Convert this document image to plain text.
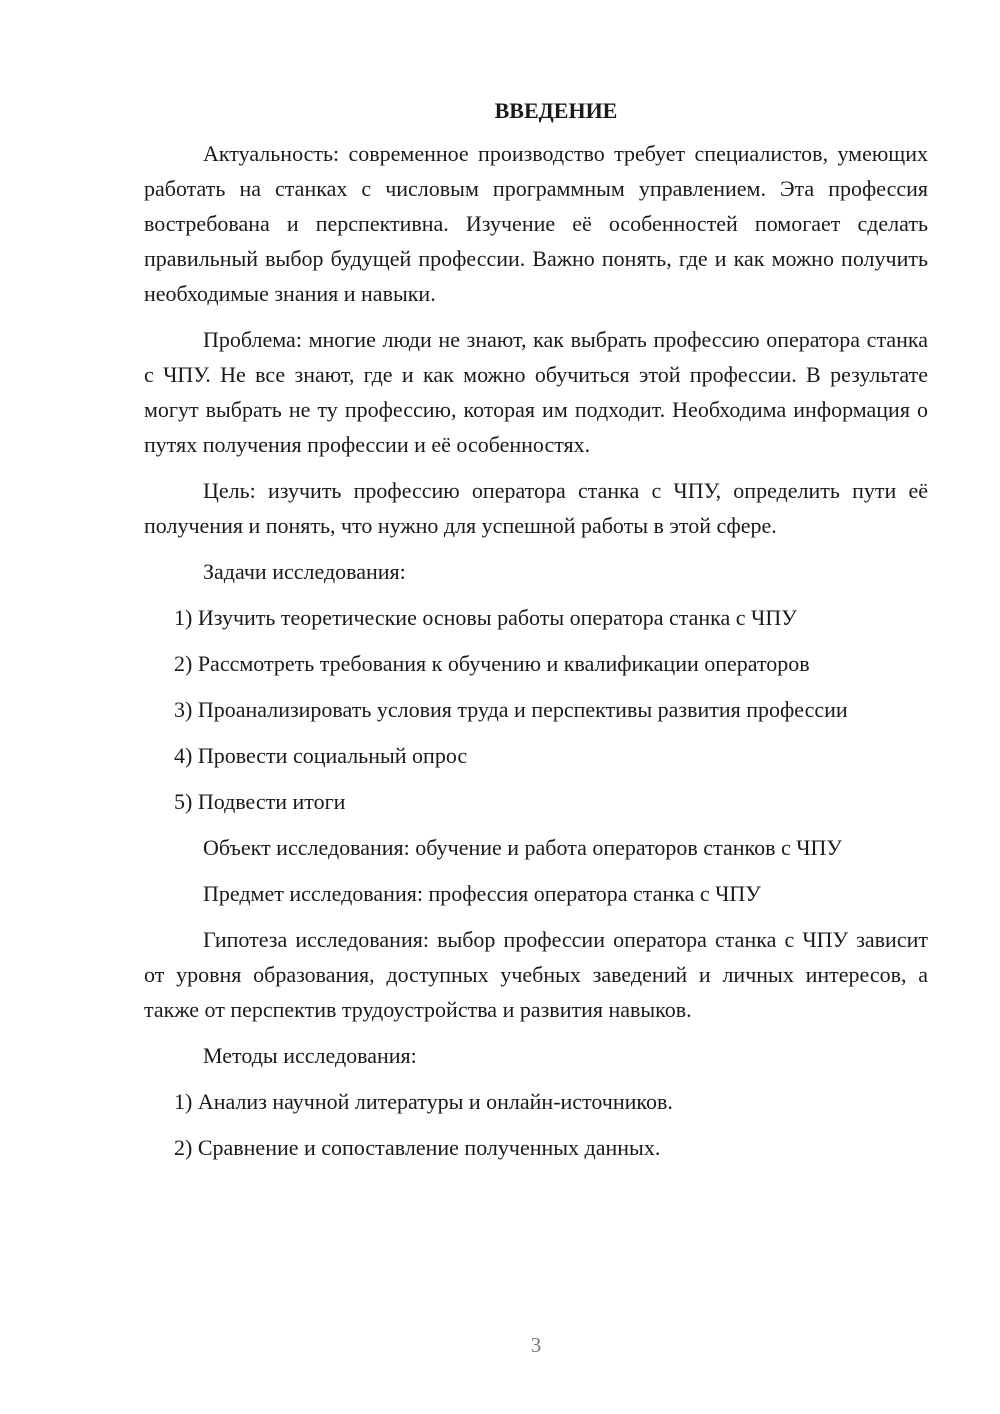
ВВЕДЕНИЕ

Актуальность: современное производство требует специалистов, умеющих работать на станках с числовым программным управлением. Эта профессия востребована и перспективна. Изучение её особенностей помогает сделать правильный выбор будущей профессии. Важно понять, где и как можно получить необходимые знания и навыки.

Проблема: многие люди не знают, как выбрать профессию оператора станка с ЧПУ. Не все знают, где и как можно обучиться этой профессии. В результате могут выбрать не ту профессию, которая им подходит. Необходима информация о путях получения профессии и её особенностях.

Цель: изучить профессию оператора станка с ЧПУ, определить пути её получения и понять, что нужно для успешной работы в этой сфере.

Задачи исследования:

1) Изучить теоретические основы работы оператора станка с ЧПУ

2) Рассмотреть требования к обучению и квалификации операторов

3) Проанализировать условия труда и перспективы развития профессии

4) Провести социальный опрос

5) Подвести итоги

Объект исследования: обучение и работа операторов станков с ЧПУ

Предмет исследования: профессия оператора станка с ЧПУ

Гипотеза исследования: выбор профессии оператора станка с ЧПУ зависит от уровня образования, доступных учебных заведений и личных интересов, а также от перспектив трудоустройства и развития навыков.

Методы исследования:

1) Анализ научной литературы и онлайн-источников.

2) Сравнение и сопоставление полученных данных.

3
